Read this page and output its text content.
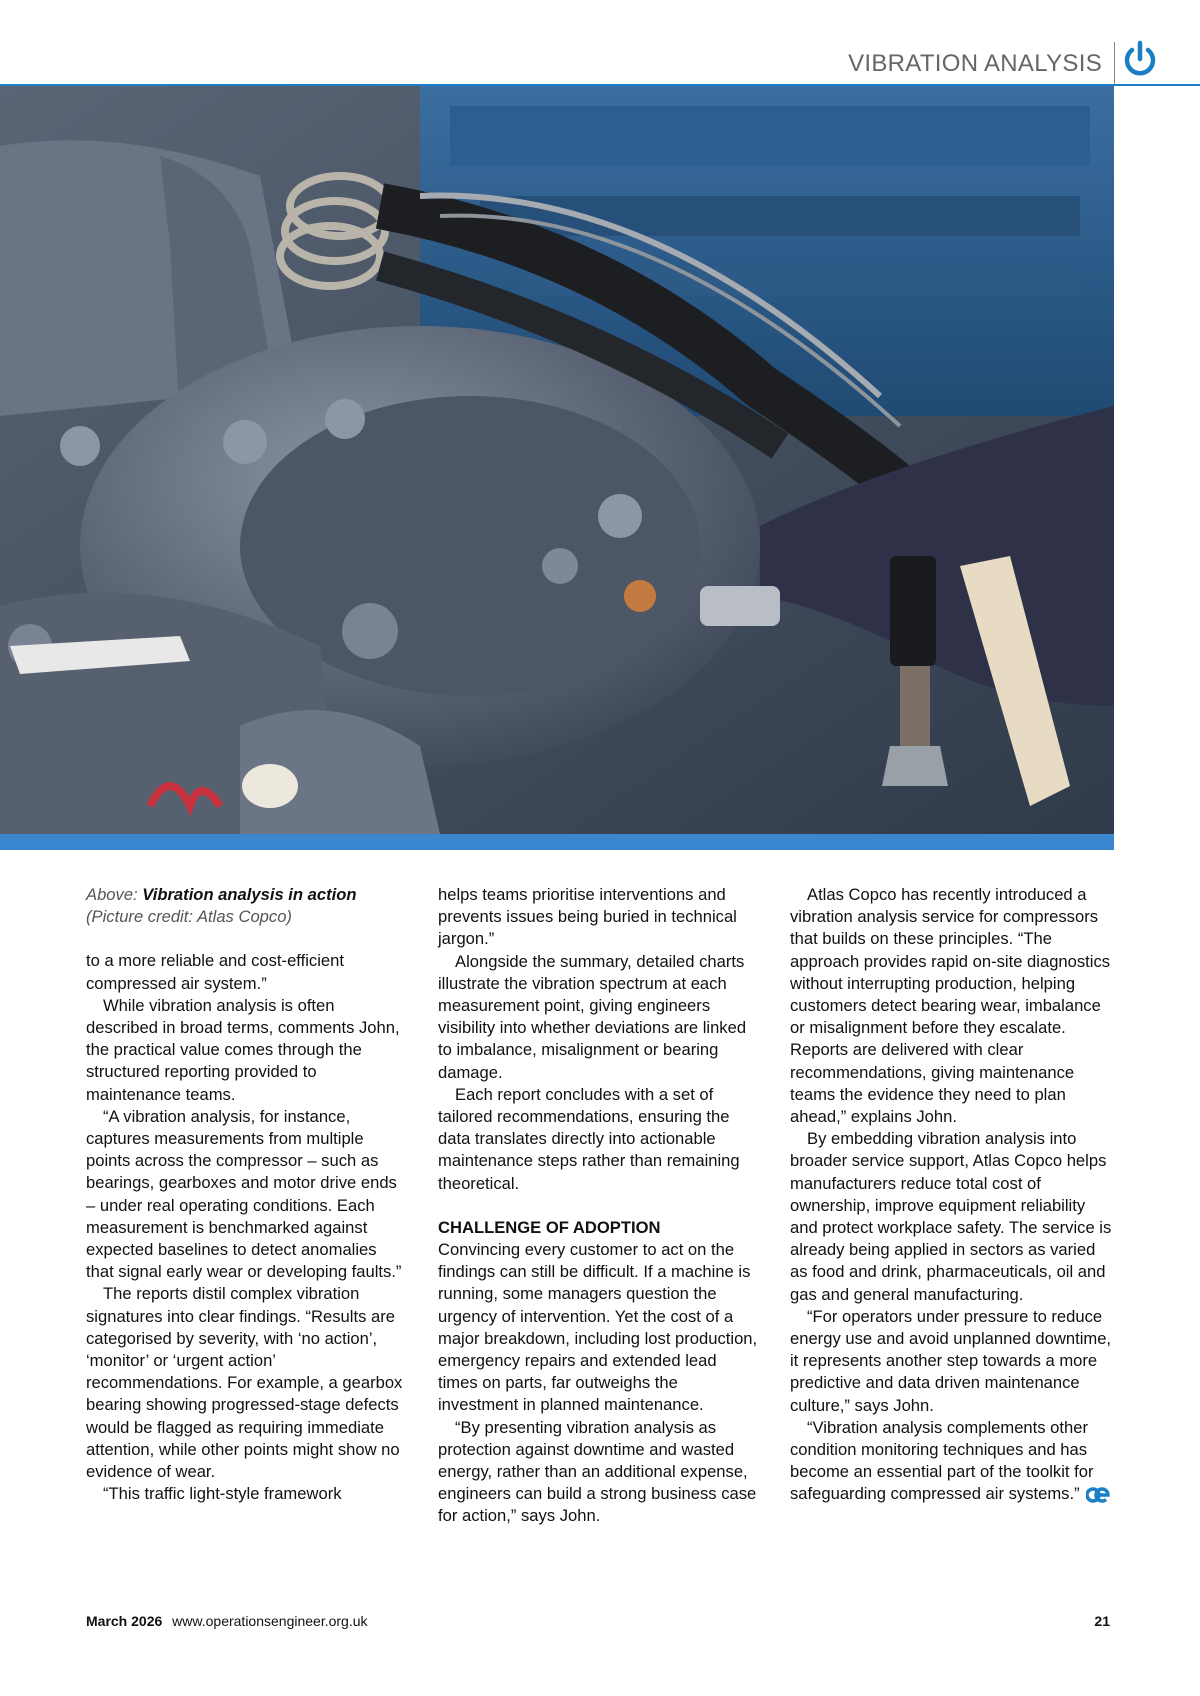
VIBRATION ANALYSIS

Above: Vibration analysis in action
(Picture credit: Atlas Copco)

to a more reliable and cost-efficient compressed air system.”

While vibration analysis is often described in broad terms, comments John, the practical value comes through the structured reporting provided to maintenance teams.

“A vibration analysis, for instance, captures measurements from multiple points across the compressor – such as bearings, gearboxes and motor drive ends – under real operating conditions. Each measurement is benchmarked against expected baselines to detect anomalies that signal early wear or developing faults.”

The reports distil complex vibration signatures into clear findings. “Results are categorised by severity, with ‘no action’, ‘monitor’ or ‘urgent action’ recommendations. For example, a gearbox bearing showing progressed-stage defects would be flagged as requiring immediate attention, while other points might show no evidence of wear.

“This traffic light-style framework

helps teams prioritise interventions and prevents issues being buried in technical jargon.”

Alongside the summary, detailed charts illustrate the vibration spectrum at each measurement point, giving engineers visibility into whether deviations are linked to imbalance, misalignment or bearing damage.

Each report concludes with a set of tailored recommendations, ensuring the data translates directly into actionable maintenance steps rather than remaining theoretical.

CHALLENGE OF ADOPTION

Convincing every customer to act on the findings can still be difficult. If a machine is running, some managers question the urgency of intervention. Yet the cost of a major breakdown, including lost production, emergency repairs and extended lead times on parts, far outweighs the investment in planned maintenance.

“By presenting vibration analysis as protection against downtime and wasted energy, rather than an additional expense, engineers can build a strong business case for action,” says John.

Atlas Copco has recently introduced a vibration analysis service for compressors that builds on these principles. “The approach provides rapid on-site diagnostics without interrupting production, helping customers detect bearing wear, imbalance or misalignment before they escalate. Reports are delivered with clear recommendations, giving maintenance teams the evidence they need to plan ahead,” explains John.

By embedding vibration analysis into broader service support, Atlas Copco helps manufacturers reduce total cost of ownership, improve equipment reliability and protect workplace safety. The service is already being applied in sectors as varied as food and drink, pharmaceuticals, oil and gas and general manufacturing.

“For operators under pressure to reduce energy use and avoid unplanned downtime, it represents another step towards a more predictive and data driven maintenance culture,” says John.

“Vibration analysis complements other condition monitoring techniques and has become an essential part of the toolkit for safeguarding compressed air systems.”

March 2026 www.operationsengineer.org.uk	21
